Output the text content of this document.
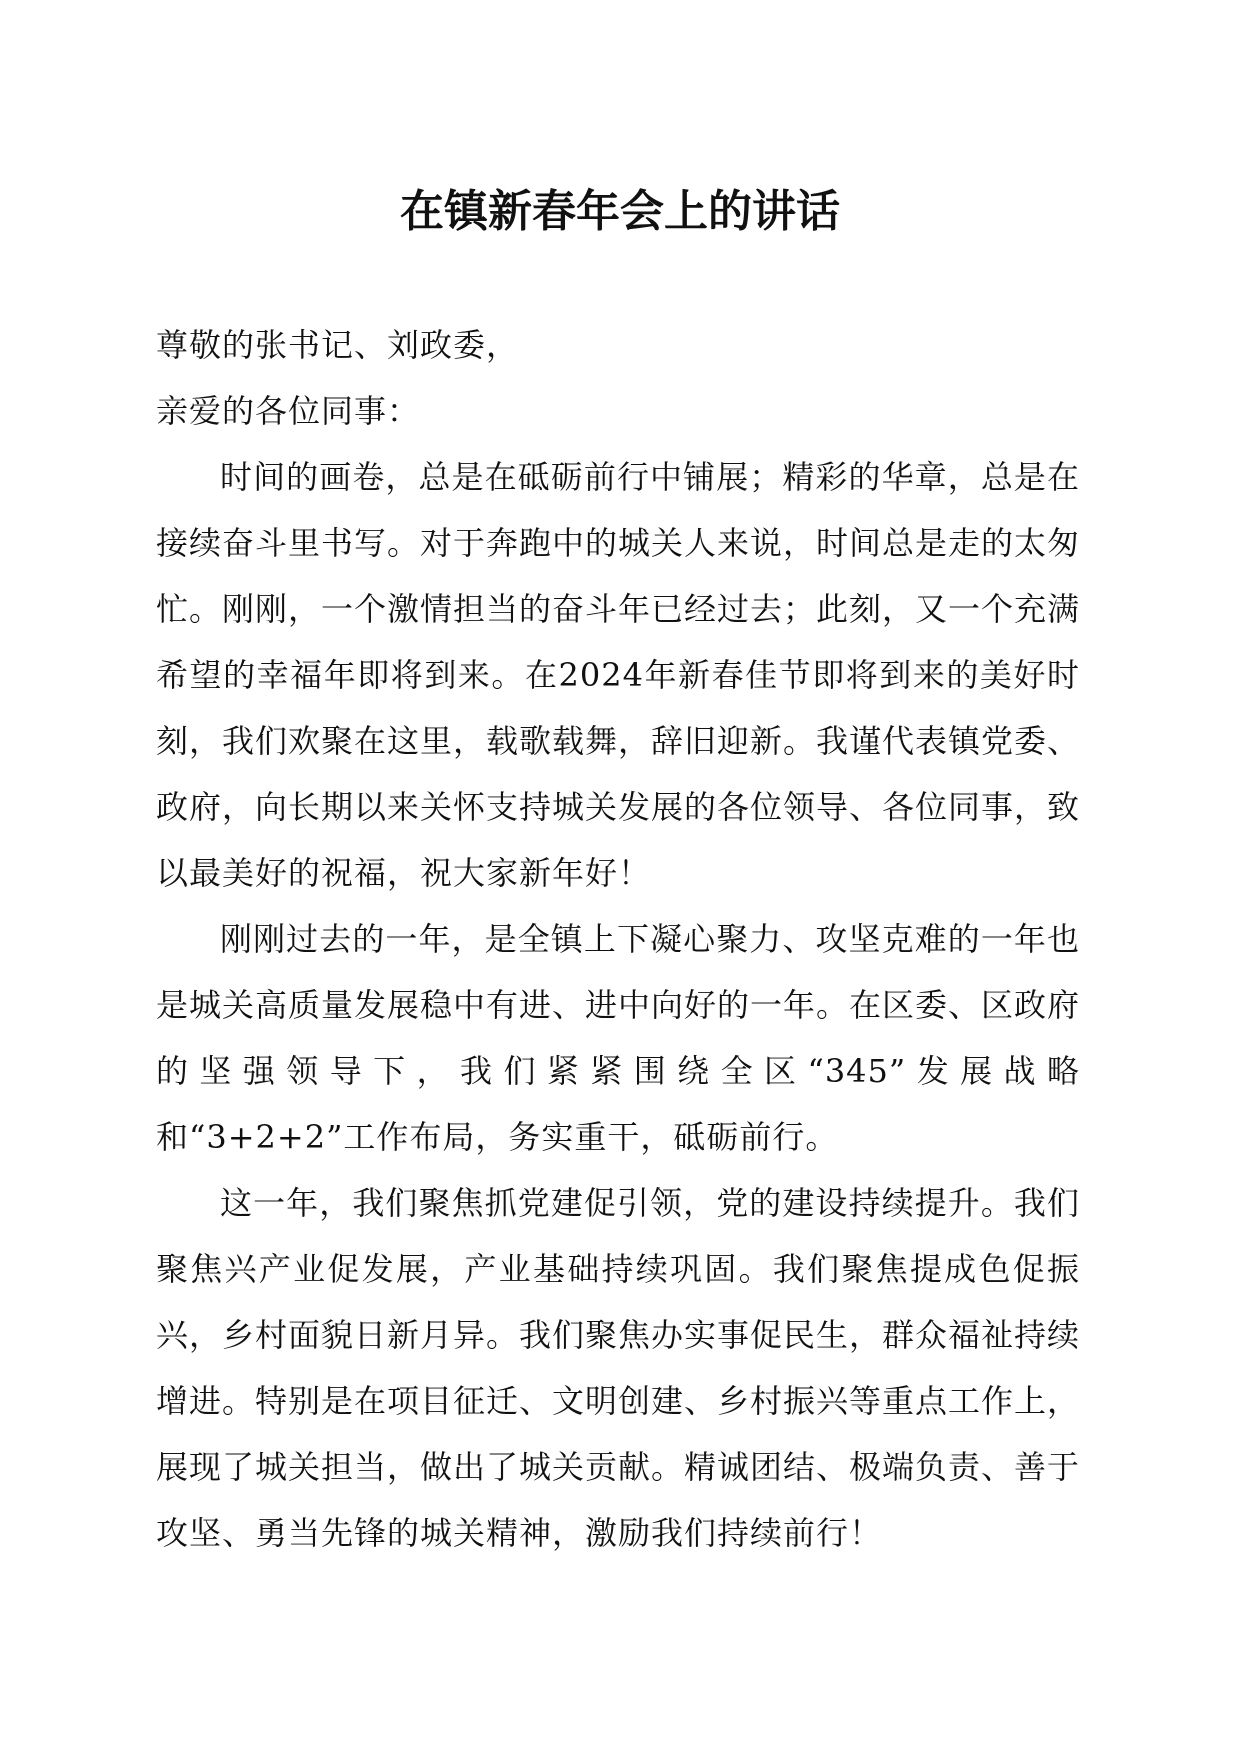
在镇新春年会上的讲话

尊敬的张书记、刘政委，

亲爱的各位同事：

时间的画卷，总是在砥砺前行中铺展；精彩的华章，总是在接续奋斗里书写。对于奔跑中的城关人来说，时间总是走的太匆忙。刚刚，一个激情担当的奋斗年已经过去；此刻，又一个充满希望的幸福年即将到来。在2024年新春佳节即将到来的美好时刻，我们欢聚在这里，载歌载舞，辞旧迎新。我谨代表镇党委、政府，向长期以来关怀支持城关发展的各位领导、各位同事，致以最美好的祝福，祝大家新年好！

刚刚过去的一年，是全镇上下凝心聚力、攻坚克难的一年也是城关高质量发展稳中有进、进中向好的一年。在区委、区政府的坚强领导下，我们紧紧围绕全区“345”发展战略和“3+2+2”工作布局，务实重干，砥砺前行。

这一年，我们聚焦抓党建促引领，党的建设持续提升。我们聚焦兴产业促发展，产业基础持续巩固。我们聚焦提成色促振兴，乡村面貌日新月异。我们聚焦办实事促民生，群众福祉持续增进。特别是在项目征迁、文明创建、乡村振兴等重点工作上，展现了城关担当，做出了城关贡献。精诚团结、极端负责、善于攻坚、勇当先锋的城关精神，激励我们持续前行！
